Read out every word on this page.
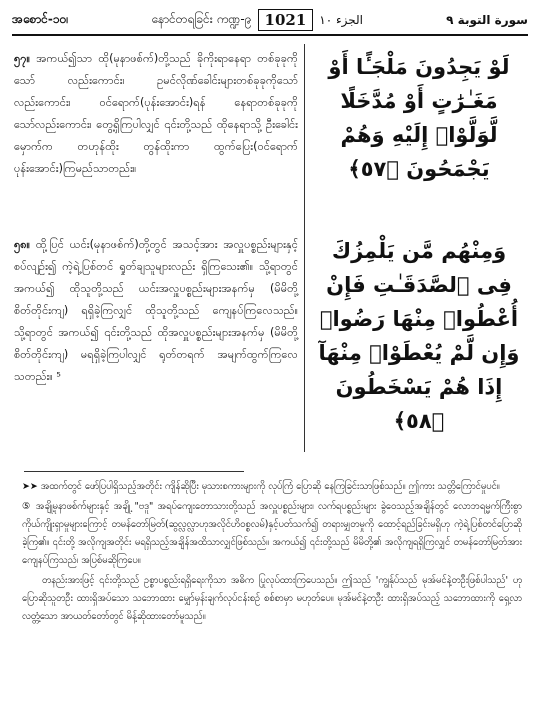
အစောင်-၁၀၊	နောင်တရခြင်း ကဏ္ဍ-၉ 1021	الجزء ١٠	سورة التوبة ٩
၅၇။ အကယ်၍သာ ထို(မုနာဖစ်က်)တို့သည် ခိုကိုးရာနေရာ တစ်ခုခုကိုသော် လည်းကောင်း၊ ဥမင်လိုဏ်ခေါင်းများတစ်ခုခုကိုသော် လည်းကောင်း၊ ဝင်ရောက်(ပုန်းအောင်း)ရန် နေရာတစ်ခုခုကိုသော်လည်းကောင်း၊ တွေ့ရှိကြပါလျှင် ၎င်းတို့သည် ထိုနေရာသို့ ဦးခေါင်းမှောက်က တဟုန်ထိုး တွန်ထိုးကာ ထွက်ပြေး(ဝင်ရောက် ပုန်းအောင်း)ကြမည်သာတည်း။
لَوْ يَجِدُونَ مَلْجَـًٔا أَوْ مَغَـٰرَٰتٍ أَوْ مُدَّخَلًا لَّوَلَّوْا۟ إِلَيْهِ وَهُمْ يَجْمَحُونَ ﴿٥٧﴾
၅၈။ ထို့ပြင် ယင်း(မုနာဖစ်က်)တို့တွင် အသင့်အား အလှူပစ္စည်းများနှင့်စပ်လျဉ်း၍ ကဲ့ရဲ့ပြစ်တင် ရှုတ်ချသူများလည်း ရှိကြသေး၏။ သို့ရာတွင် အကယ်၍ ထိုသူတို့သည် ယင်းအလှူပစ္စည်းများအနက်မှ (မိမိတို့စိတ်တိုင်းကျ) ရရှိခဲ့ကြလျှင် ထိုသူတို့သည် ကျေနပ်ကြလေသည်။ သို့ရာတွင် အကယ်၍ ၎င်းတို့သည် ထိုအလှူပစ္စည်းများအနက်မှ (မိမိတို့ စိတ်တိုင်းကျ) မရရှိခဲ့ကြပါလျှင် ရုတ်တရက် အမျက်ထွက်ကြလေသတည်း။ ⁵
وَمِنْهُم مَّن يَلْمِزُكَ فِى ٱلصَّدَقَـٰتِ فَإِنْ أُعْطُوا۟ مِنْهَا رَضُوا۟ وَإِن لَّمْ يُعْطَوْا۟ مِنْهَآ إِذَا هُمْ يَسْخَطُونَ ﴿٥٨﴾

➤➤ အထက်တွင် ဖော်ပြပါရှိသည့်အတိုင်း ကျိန်ဆိုပြီး မုသားစကားများကို လုပ်ကြံ ပြောဆို နေကြခြင်းသာဖြစ်သည်။ ဤကား သတ္တိကြောင်မှုပင်။

⑤ အချို့မုနာဖစ်က်များနှင့် အချို့ "ဗဒူ" အရပ်ကျေးတောသားတို့သည် အလှူပစ္စည်းများ၊ လက်ရပစ္စည်းများ ခွဲဝေသည့်အချိန်တွင် လောဘရမ္မက်ကြီးစွာ ကိုယ်ကျိုးရှာမှုများကြောင့် တမန်တော်မြတ်(ဆွလ္လလ္လာဟုအလိုင်ဟိဝစ္စလမ်)နှင့်ပတ်သက်၍ တရားမျှတမှုကို ထောင့်ရည်ခြင်းမရှိဟု ကဲ့ရဲ့ပြစ်တင်ပြောဆိုခဲ့ကြ၏။ ၎င်းတို့ အလိုကျအတိုင်း မရရှိသည့်အချိန်အထိသာလျှင်ဖြစ်သည်။ အကယ်၍ ၎င်းတို့သည် မိမိတို့၏ အလိုကျရရှိကြလျှင် တမန်တော်မြတ်အား ကျေနပ်ကြသည်၊ အပြစ်မဆိုကြပေ။

တနည်းအားဖြင့် ၎င်းတို့သည် ဥစ္စာပစ္စည်းရရှိရေးကိုသာ အဓိက ပြုလုပ်ထားကြပေသည်။ ဤသည် 'ကျွန်ုပ်သည် မုအ်မင်နဲ့တဦးဖြစ်ပါသည်' ဟု ပြောဆိုသူတဦး ထားရှိအပ်သော သဘောထား မျှော်မှန်းချက်လုပ်ငန်းစဉ် စစ်စာမှာ မဟုတ်ပေ။ မုအ်မင်နဲ့တဦး ထားရှိအပ်သည့် သဘောထားကို ရှေ့လာလတ္တံ့သော အာယတ်တော်တွင် မိန့်ဆိုထားတော်မူသည်။
